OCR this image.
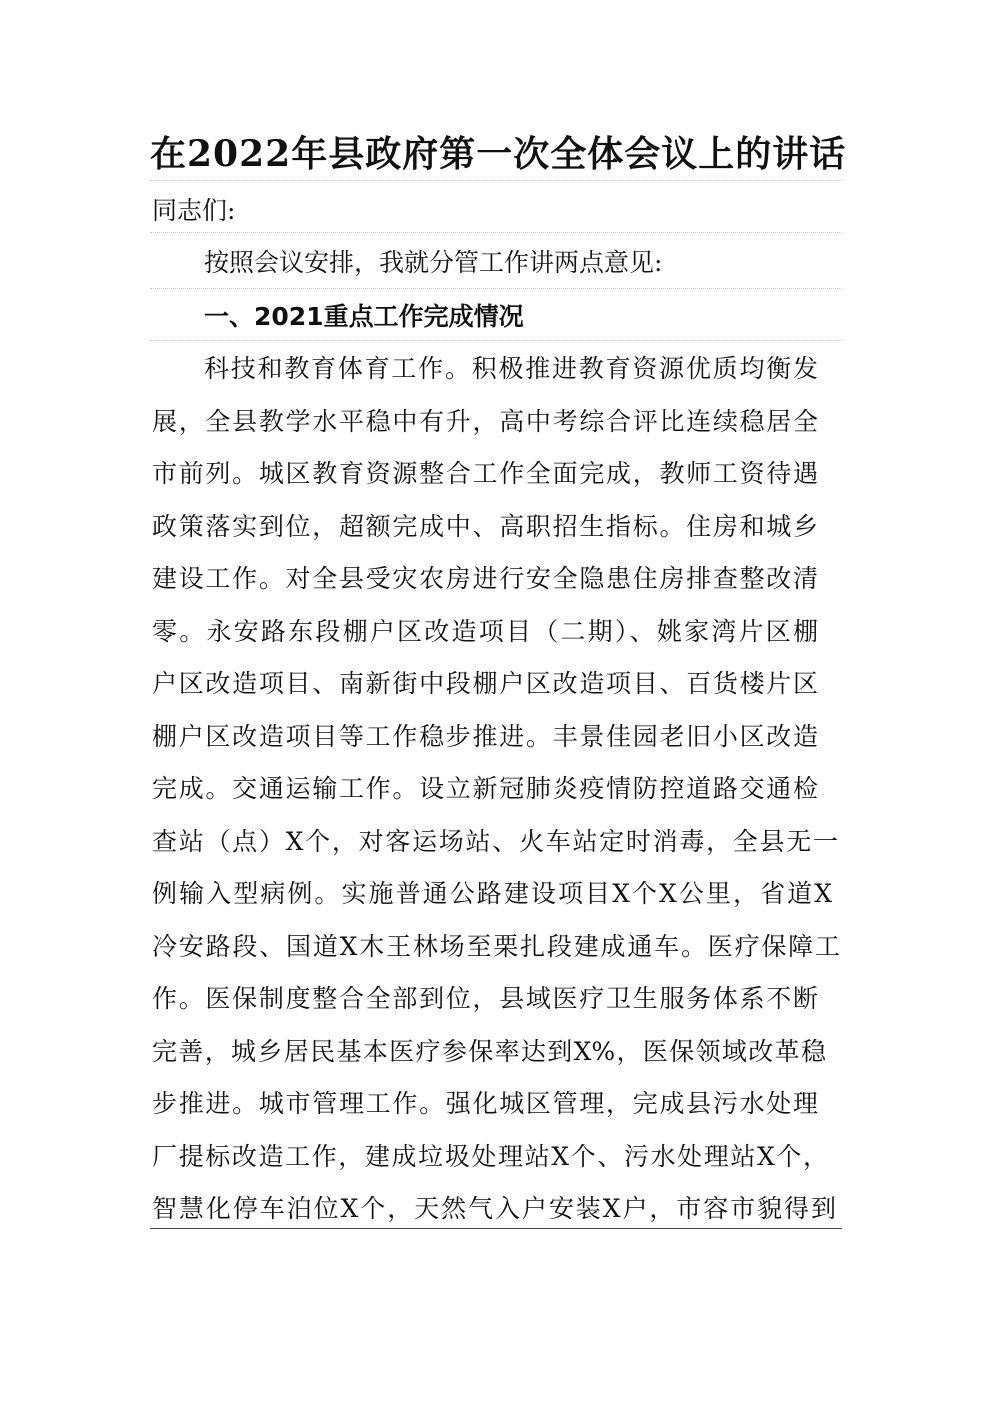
在2022年县政府第一次全体会议上的讲话
同志们:
按照会议安排，我就分管工作讲两点意见:
一、2021重点工作完成情况
科技和教育体育工作。积极推进教育资源优质均衡发
展，全县教学水平稳中有升，高中考综合评比连续稳居全
市前列。城区教育资源整合工作全面完成，教师工资待遇
政策落实到位，超额完成中、高职招生指标。住房和城乡
建设工作。对全县受灾农房进行安全隐患住房排查整改清
零。永安路东段棚户区改造项目（二期）、姚家湾片区棚
户区改造项目、南新街中段棚户区改造项目、百货楼片区
棚户区改造项目等工作稳步推进。丰景佳园老旧小区改造
完成。交通运输工作。设立新冠肺炎疫情防控道路交通检
查站（点）X个，对客运场站、火车站定时消毒，全县无一
例输入型病例。实施普通公路建设项目X个X公里，省道X
冷安路段、国道X木王林场至栗扎段建成通车。医疗保障工
作。医保制度整合全部到位，县域医疗卫生服务体系不断
完善，城乡居民基本医疗参保率达到X%，医保领域改革稳
步推进。城市管理工作。强化城区管理，完成县污水处理
厂提标改造工作，建成垃圾处理站X个、污水处理站X个，
智慧化停车泊位X个，天然气入户安装X户，市容市貌得到
